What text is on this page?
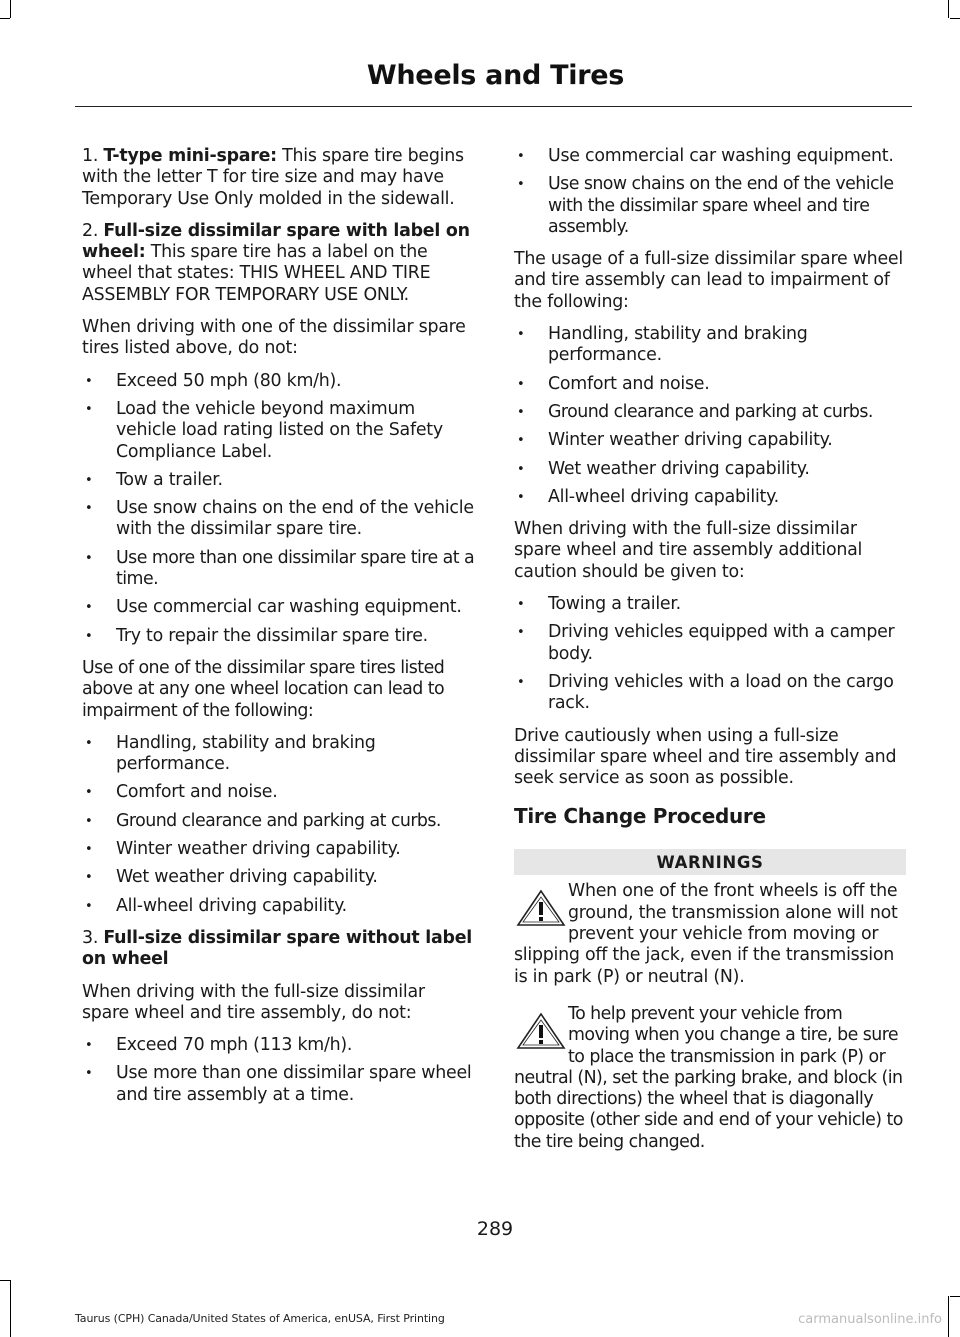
Wheels and Tires

1. T-type mini-spare: This spare tire begins with the letter T for tire size and may have Temporary Use Only molded in the sidewall.

2. Full-size dissimilar spare with label on wheel: This spare tire has a label on the wheel that states: THIS WHEEL AND TIRE ASSEMBLY FOR TEMPORARY USE ONLY.

When driving with one of the dissimilar spare tires listed above, do not:

• Exceed 50 mph (80 km/h).
• Load the vehicle beyond maximum vehicle load rating listed on the Safety Compliance Label.
• Tow a trailer.
• Use snow chains on the end of the vehicle with the dissimilar spare tire.
• Use more than one dissimilar spare tire at a time.
• Use commercial car washing equipment.
• Try to repair the dissimilar spare tire.

Use of one of the dissimilar spare tires listed above at any one wheel location can lead to impairment of the following:

• Handling, stability and braking performance.
• Comfort and noise.
• Ground clearance and parking at curbs.
• Winter weather driving capability.
• Wet weather driving capability.
• All-wheel driving capability.

3. Full-size dissimilar spare without label on wheel

When driving with the full-size dissimilar spare wheel and tire assembly, do not:

• Exceed 70 mph (113 km/h).
• Use more than one dissimilar spare wheel and tire assembly at a time.
• Use commercial car washing equipment.
• Use snow chains on the end of the vehicle with the dissimilar spare wheel and tire assembly.

The usage of a full-size dissimilar spare wheel and tire assembly can lead to impairment of the following:

• Handling, stability and braking performance.
• Comfort and noise.
• Ground clearance and parking at curbs.
• Winter weather driving capability.
• Wet weather driving capability.
• All-wheel driving capability.

When driving with the full-size dissimilar spare wheel and tire assembly additional caution should be given to:

• Towing a trailer.
• Driving vehicles equipped with a camper body.
• Driving vehicles with a load on the cargo rack.

Drive cautiously when using a full-size dissimilar spare wheel and tire assembly and seek service as soon as possible.

Tire Change Procedure
WARNINGS

When one of the front wheels is off the ground, the transmission alone will not prevent your vehicle from moving or slipping off the jack, even if the transmission is in park (P) or neutral (N).

To help prevent your vehicle from moving when you change a tire, be sure to place the transmission in park (P) or neutral (N), set the parking brake, and block (in both directions) the wheel that is diagonally opposite (other side and end of your vehicle) to the tire being changed.

289
Taurus (CPH) Canada/United States of America, enUSA, First Printing	carmanualsonline.info
